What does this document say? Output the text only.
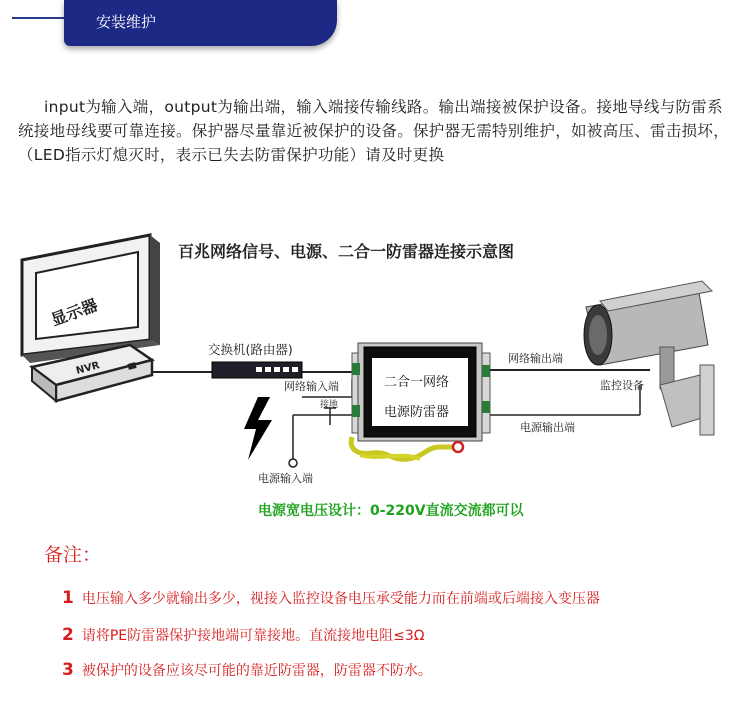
安装维护
input为输入端，output为输出端，输入端接传输线路。输出端接被保护设备。接地导线与防雷系统接地母线要可靠连接。保护器尽量靠近被保护的设备。保护器无需特别维护，如被高压、雷击损坏，（LED指示灯熄灭时，表示已失去防雷保护功能）请及时更换
百兆网络信号、电源、二合一防雷器连接示意图
显示器
NVR
交换机(路由器)
网络输入端
接地
电源输入端
二合一网络
电源防雷器
网络输出端
电源输出端
监控设备
电源宽电压设计：0-220V直流交流都可以
备注：
1 电压输入多少就输出多少，视接入监控设备电压承受能力而在前端或后端接入变压器
2 请将PE防雷器保护接地端可靠接地。直流接地电阻≤3Ω
3 被保护的设备应该尽可能的靠近防雷器，防雷器不防水。
